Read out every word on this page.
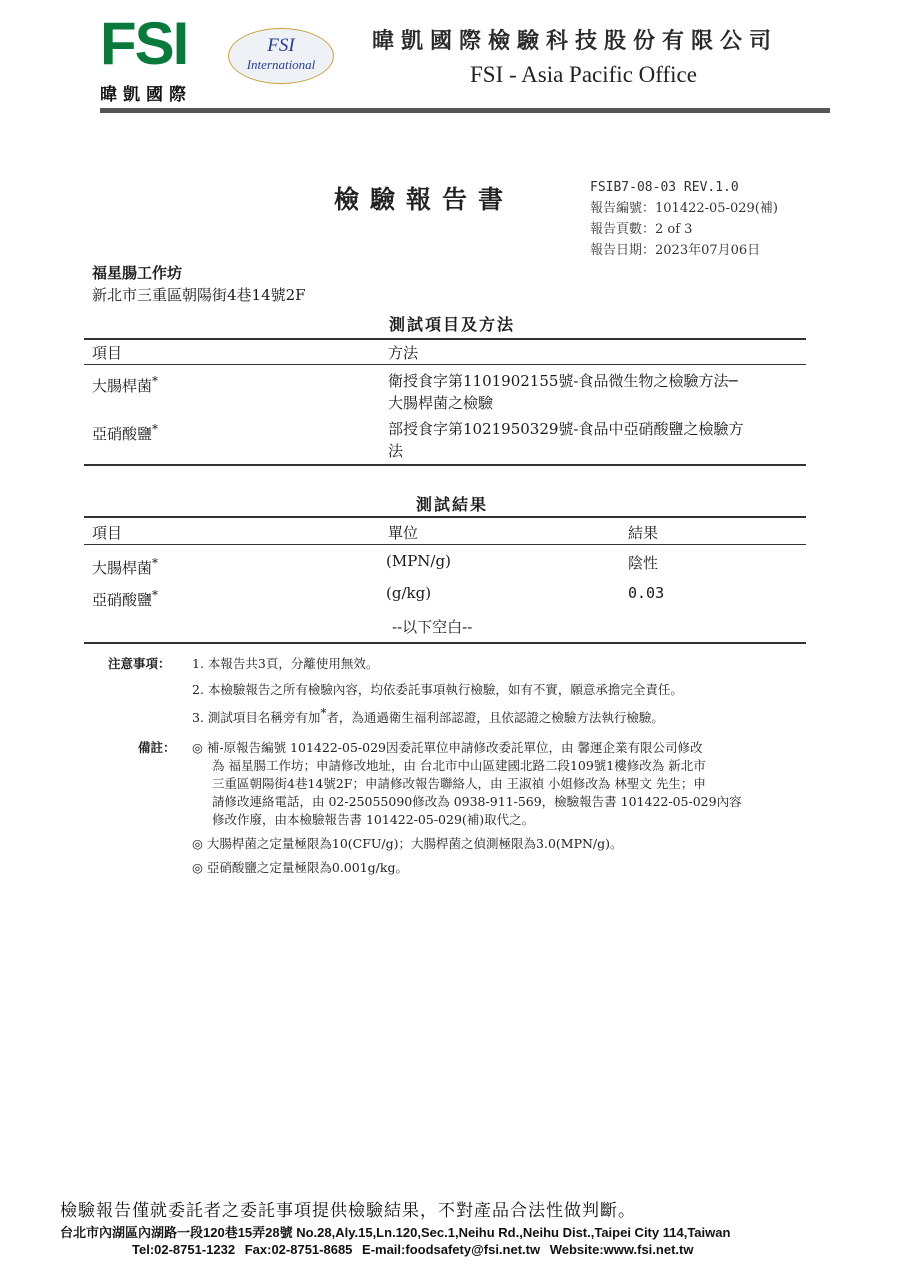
FSI
暐凱國際
FSI
International
暐凱國際檢驗科技股份有限公司
FSI - Asia Pacific Office
檢驗報告書	FSIB7-08-03 REV.1.0
報告編號：101422-05-029(補)
報告頁數：2 of 3
報告日期：2023年07月06日
福星腸工作坊
新北市三重區朝陽街4巷14號2F
測試項目及方法
項目	方法
大腸桿菌*	衛授食字第1101902155號-食品微生物之檢驗方法─
大腸桿菌之檢驗
亞硝酸鹽*	部授食字第1021950329號-食品中亞硝酸鹽之檢驗方
法
測試結果
項目	單位	結果
大腸桿菌*	(MPN/g)	陰性
亞硝酸鹽*	(g/kg)	0.03
--以下空白--
注意事項： 1. 本報告共3頁，分離使用無效。
2. 本檢驗報告之所有檢驗內容，均依委託事項執行檢驗，如有不實，願意承擔完全責任。
3. 測試項目名稱旁有加*者，為通過衛生福利部認證，且依認證之檢驗方法執行檢驗。
備註： ◎ 補-原報告編號 101422-05-029因委託單位申請修改委託單位，由 馨運企業有限公司修改
為 福星腸工作坊；申請修改地址，由 台北市中山區建國北路二段109號1樓修改為 新北市
三重區朝陽街4巷14號2F；申請修改報告聯絡人，由 王淑禎 小姐修改為 林聖文 先生；申
請修改連絡電話，由 02-25055090修改為 0938-911-569，檢驗報告書 101422-05-029內容
修改作廢，由本檢驗報告書 101422-05-029(補)取代之。
◎ 大腸桿菌之定量極限為10(CFU/g)；大腸桿菌之偵測極限為3.0(MPN/g)。
◎ 亞硝酸鹽之定量極限為0.001g/kg。
檢驗報告僅就委託者之委託事項提供檢驗結果，不對產品合法性做判斷。
台北市內湖區內湖路一段120巷15弄28號 No.28,Aly.15,Ln.120,Sec.1,Neihu Rd.,Neihu Dist.,Taipei City 114,Taiwan
Tel:02-8751-1232 Fax:02-8751-8685 E-mail:foodsafety@fsi.net.tw Website:www.fsi.net.tw
